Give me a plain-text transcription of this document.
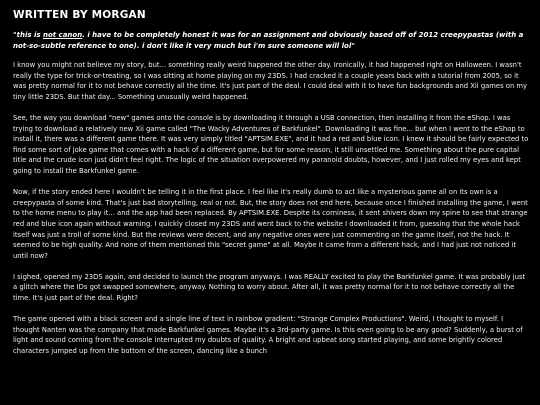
WRITTEN BY MORGAN
"this is not canon. i have to be completely honest it was for an assignment and obviously based off of 2012 creepypastas (with a not-so-subtle reference to one). i don't like it very much but i'm sure someone will lol"

I know you might not believe my story, but... something really weird happened the other day. Ironically, it had happened right on Halloween. I wasn't really the type for trick-or-treating, so I was sitting at home playing on my 23DS. I had cracked it a couple years back with a tutorial from 2005, so it was pretty normal for it to not behave correctly all the time. It's just part of the deal. I could deal with it to have fun backgrounds and Xii games on my tiny little 23DS. But that day... Something unusually weird happened.

See, the way you download "new" games onto the console is by downloading it through a USB connection, then installing it from the eShop. I was trying to download a relatively new Xii game called "The Wacky Adventures of Barkfunkel". Downloading it was fine... but when I went to the eShop to install it, there was a different game there. It was very simply titled "APTSIM.EXE", and it had a red and blue icon. I knew it should be fairly expected to find some sort of joke game that comes with a hack of a different game, but for some reason, it still unsettled me. Something about the pure capital title and the crude icon just didn't feel right. The logic of the situation overpowered my paranoid doubts, however, and I just rolled my eyes and kept going to install the Barkfunkel game.

Now, if the story ended here I wouldn't be telling it in the first place. I feel like it's really dumb to act like a mysterious game all on its own is a creepypasta of some kind. That's just bad storytelling, real or not. But, the story does not end here, because once I finished installing the game, I went to the home menu to play it... and the app had been replaced. By APTSIM.EXE. Despite its corniness, it sent shivers down my spine to see that strange red and blue icon again without warning. I quickly closed my 23DS and went back to the website I downloaded it from, guessing that the whole hack itself was just a troll of some kind. But the reviews were decent, and any negative ones were just commenting on the game itself, not the hack. It seemed to be high quality. And none of them mentioned this "secret game" at all. Maybe it came from a different hack, and I had just not noticed it until now?

I sighed, opened my 23DS again, and decided to launch the program anyways. I was REALLY excited to play the Barkfunkel game. It was probably just a glitch where the IDs got swapped somewhere, anyway. Nothing to worry about. After all, it was pretty normal for it to not behave correctly all the time. It's just part of the deal. Right?

The game opened with a black screen and a single line of text in rainbow gradient: "Strange Complex Productions". Weird, I thought to myself. I thought Nanten was the company that made Barkfunkel games. Maybe it's a 3rd-party game. Is this even going to be any good? Suddenly, a burst of light and sound coming from the console interrupted my doubts of quality. A bright and upbeat song started playing, and some brightly colored characters jumped up from the bottom of the screen, dancing like a bunch
